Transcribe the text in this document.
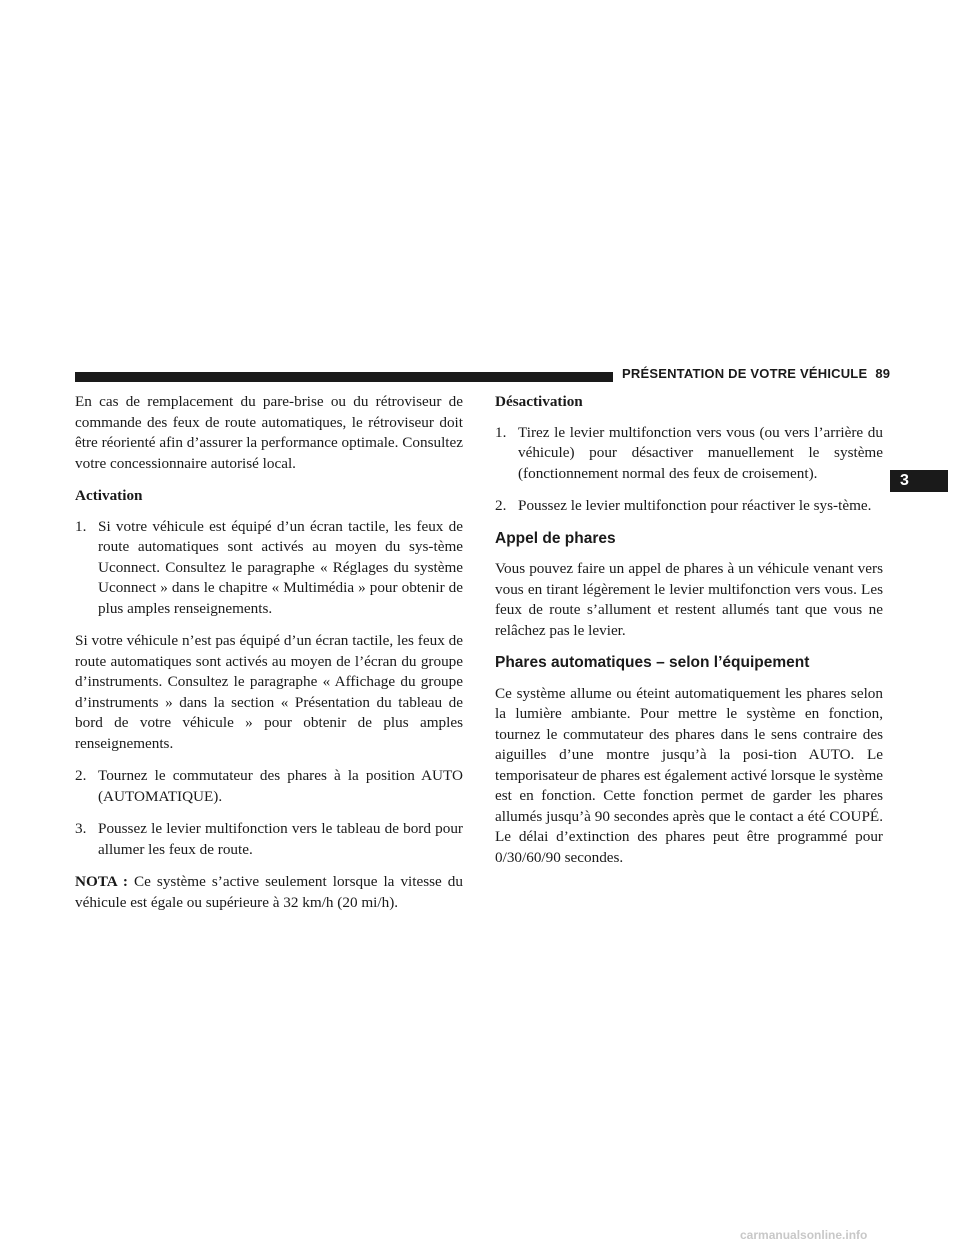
PRÉSENTATION DE VOTRE VÉHICULE 89
3

En cas de remplacement du pare-brise ou du rétroviseur de commande des feux de route automatiques, le rétroviseur doit être réorienté afin d’assurer la performance optimale. Consultez votre concessionnaire autorisé local.

Activation
1. Si votre véhicule est équipé d’un écran tactile, les feux de route automatiques sont activés au moyen du sys-tème Uconnect. Consultez le paragraphe « Réglages du système Uconnect » dans le chapitre « Multimédia » pour obtenir de plus amples renseignements.

Si votre véhicule n’est pas équipé d’un écran tactile, les feux de route automatiques sont activés au moyen de l’écran du groupe d’instruments. Consultez le paragraphe « Affichage du groupe d’instruments » dans la section « Présentation du tableau de bord de votre véhicule » pour obtenir de plus amples renseignements.

2. Tournez le commutateur des phares à la position AUTO (AUTOMATIQUE).
3. Poussez le levier multifonction vers le tableau de bord pour allumer les feux de route.

NOTA : Ce système s’active seulement lorsque la vitesse du véhicule est égale ou supérieure à 32 km/h (20 mi/h).

Désactivation
1. Tirez le levier multifonction vers vous (ou vers l’arrière du véhicule) pour désactiver manuellement le système (fonctionnement normal des feux de croisement).
2. Poussez le levier multifonction pour réactiver le sys-tème.
Appel de phares

Vous pouvez faire un appel de phares à un véhicule venant vers vous en tirant légèrement le levier multifonction vers vous. Les feux de route s’allument et restent allumés tant que vous ne relâchez pas le levier.

Phares automatiques – selon l’équipement

Ce système allume ou éteint automatiquement les phares selon la lumière ambiante. Pour mettre le système en fonction, tournez le commutateur des phares dans le sens contraire des aiguilles d’une montre jusqu’à la posi-tion AUTO. Le temporisateur de phares est également activé lorsque le système est en fonction. Cette fonction permet de garder les phares allumés jusqu’à 90 secondes après que le contact a été COUPÉ. Le délai d’extinction des phares peut être programmé pour 0/30/60/90 secondes.

carmanualsonline.info
